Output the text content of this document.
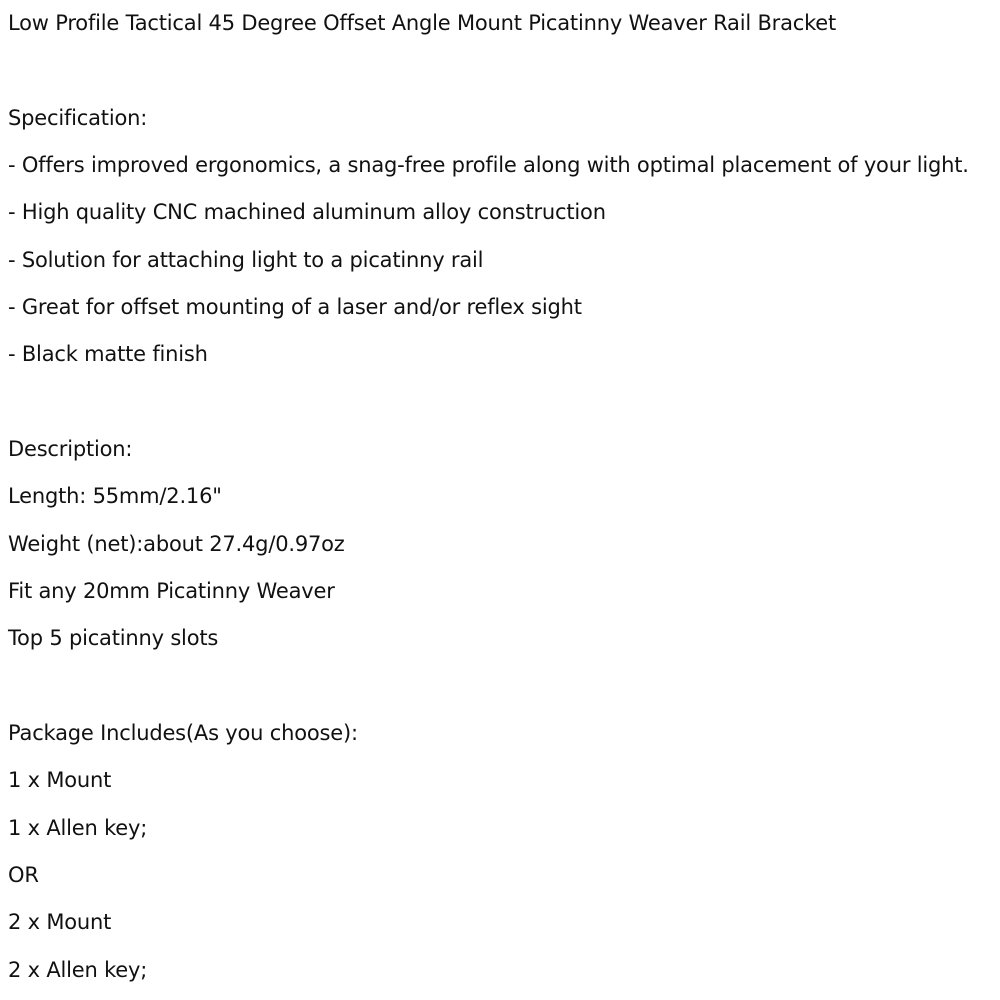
Low Profile Tactical 45 Degree Offset Angle Mount Picatinny Weaver Rail Bracket
Specification:
- Offers improved ergonomics, a snag-free profile along with optimal placement of your light.
- High quality CNC machined aluminum alloy construction
- Solution for attaching light to a picatinny rail
- Great for offset mounting of a laser and/or reflex sight
- Black matte finish
Description:
Length: 55mm/2.16"
Weight (net):about 27.4g/0.97oz
Fit any 20mm Picatinny Weaver
Top 5 picatinny slots
Package Includes(As you choose):
1 x Mount
1 x Allen key;
OR
2 x Mount
2 x Allen key;
